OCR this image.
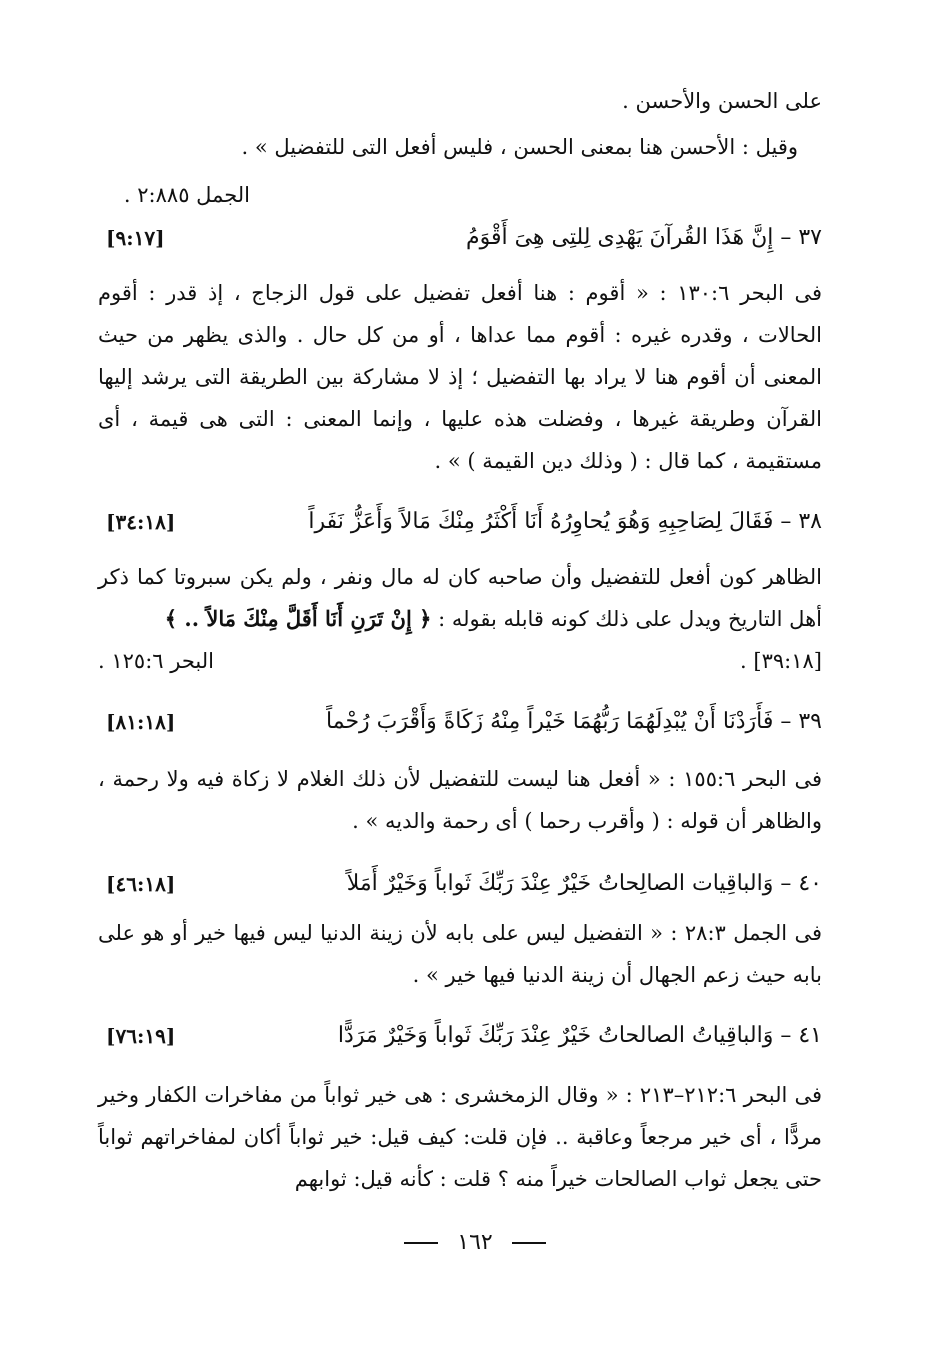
على الحسن والأحسن .
وقيل : الأحسن هنا بمعنى الحسن ، فليس أفعل التى للتفضيل » .
الجمل ٢:٨٨٥ .
٣٧ – إِنَّ هَذَا القُرآنَ يَهْدِى لِلتِى هِىَ أَقْوَمُ
[٩:١٧]
فى البحر ١٣٠:٦ : « أقوم : هنا أفعل تفضيل على قول الزجاج ، إذ قدر : أقوم الحالات ، وقدره غيره : أقوم مما عداها ، أو من كل حال . والذى يظهر من حيث المعنى أن أقوم هنا لا يراد بها التفضيل ؛ إذ لا مشاركة بين الطريقة التى يرشد إليها القرآن وطريقة غيرها ، وفضلت هذه عليها ، وإنما المعنى : التى هى قيمة ، أى مستقيمة ، كما قال : ( وذلك دين القيمة ) » .
٣٨ – فَقَالَ لِصَاحِبِهِ وَهُوَ يُحاوِرُهُ أَنَا أَكْثَرُ مِنْكَ مَالاً وَأَعَزُّ نَفَراً
[٣٤:١٨]
الظاهر كون أفعل للتفضيل وأن صاحبه كان له مال ونفر ، ولم يكن سبروتا كما ذكر أهل التاريخ ويدل على ذلك كونه قابله بقوله : ﴿ إِنْ تَرَنِ أَنَا أَقَلَّ مِنْكَ مَالاً .. ﴾
[٣٩:١٨] .
البحر ١٢٥:٦ .
٣٩ – فَأَرَدْنَا أَنْ يُبْدِلَهُمَا رَبُّهُمَا خَيْراً مِنْهُ زَكَاةً وَأَقْرَبَ رُحْماً
[٨١:١٨]
فى البحر ١٥٥:٦ : « أفعل هنا ليست للتفضيل لأن ذلك الغلام لا زكاة فيه ولا رحمة ، والظاهر أن قوله : ( وأقرب رحما ) أى رحمة والديه » .
٤٠ – وَالباقِيات الصالِحاتُ خَيْرٌ عِنْدَ رَبِّكَ ثَواباً وَخَيْرٌ أَمَلاً
[٤٦:١٨]
فى الجمل ٢٨:٣ : « التفضيل ليس على بابه لأن زينة الدنيا ليس فيها خير أو هو على بابه حيث زعم الجهال أن زينة الدنيا فيها خير » .
٤١ – وَالباقِياتُ الصالحاتُ خَيْرٌ عِنْدَ رَبِّكَ ثَواباً وَخَيْرٌ مَرَدًّا
[٧٦:١٩]
فى البحر ٢١٢:٦–٢١٣ : « وقال الزمخشرى : هى خير ثواباً من مفاخرات الكفار وخير مردًّا ، أى خير مرجعاً وعاقبة .. فإن قلت: كيف قيل: خير ثواباً أكان لمفاخراتهم ثواباً حتى يجعل ثواب الصالحات خيراً منه ؟ قلت : كأنه قيل: ثوابهم
١٦٢
